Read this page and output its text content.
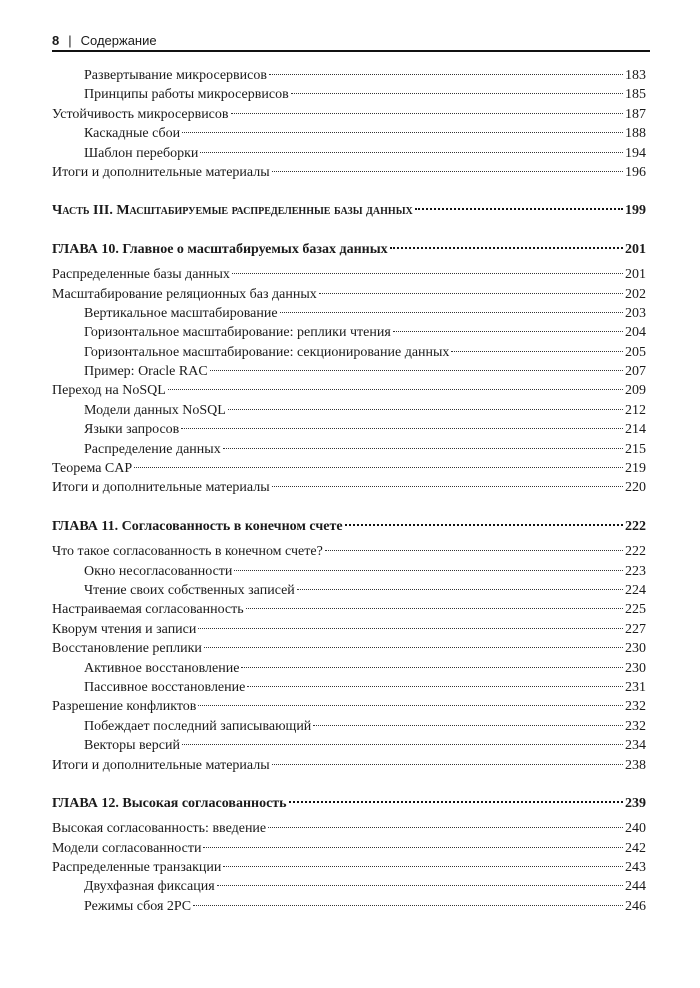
8 | Содержание
Развертывание микросервисов	183
Принципы работы микросервисов	185
Устойчивость микросервисов	187
Каскадные сбои	188
Шаблон переборки	194
Итоги и дополнительные материалы	196
Часть III. Масштабируемые распределенные базы данных	199
ГЛАВА 10. Главное о масштабируемых базах данных	201
Распределенные базы данных	201
Масштабирование реляционных баз данных	202
Вертикальное масштабирование	203
Горизонтальное масштабирование: реплики чтения	204
Горизонтальное масштабирование: секционирование данных	205
Пример: Oracle RAC	207
Переход на NoSQL	209
Модели данных NoSQL	212
Языки запросов	214
Распределение данных	215
Теорема CAP	219
Итоги и дополнительные материалы	220
ГЛАВА 11. Согласованность в конечном счете	222
Что такое согласованность в конечном счете?	222
Окно несогласованности	223
Чтение своих собственных записей	224
Настраиваемая согласованность	225
Кворум чтения и записи	227
Восстановление реплики	230
Активное восстановление	230
Пассивное восстановление	231
Разрешение конфликтов	232
Побеждает последний записывающий	232
Векторы версий	234
Итоги и дополнительные материалы	238
ГЛАВА 12. Высокая согласованность	239
Высокая согласованность: введение	240
Модели согласованности	242
Распределенные транзакции	243
Двухфазная фиксация	244
Режимы сбоя 2PC	246
